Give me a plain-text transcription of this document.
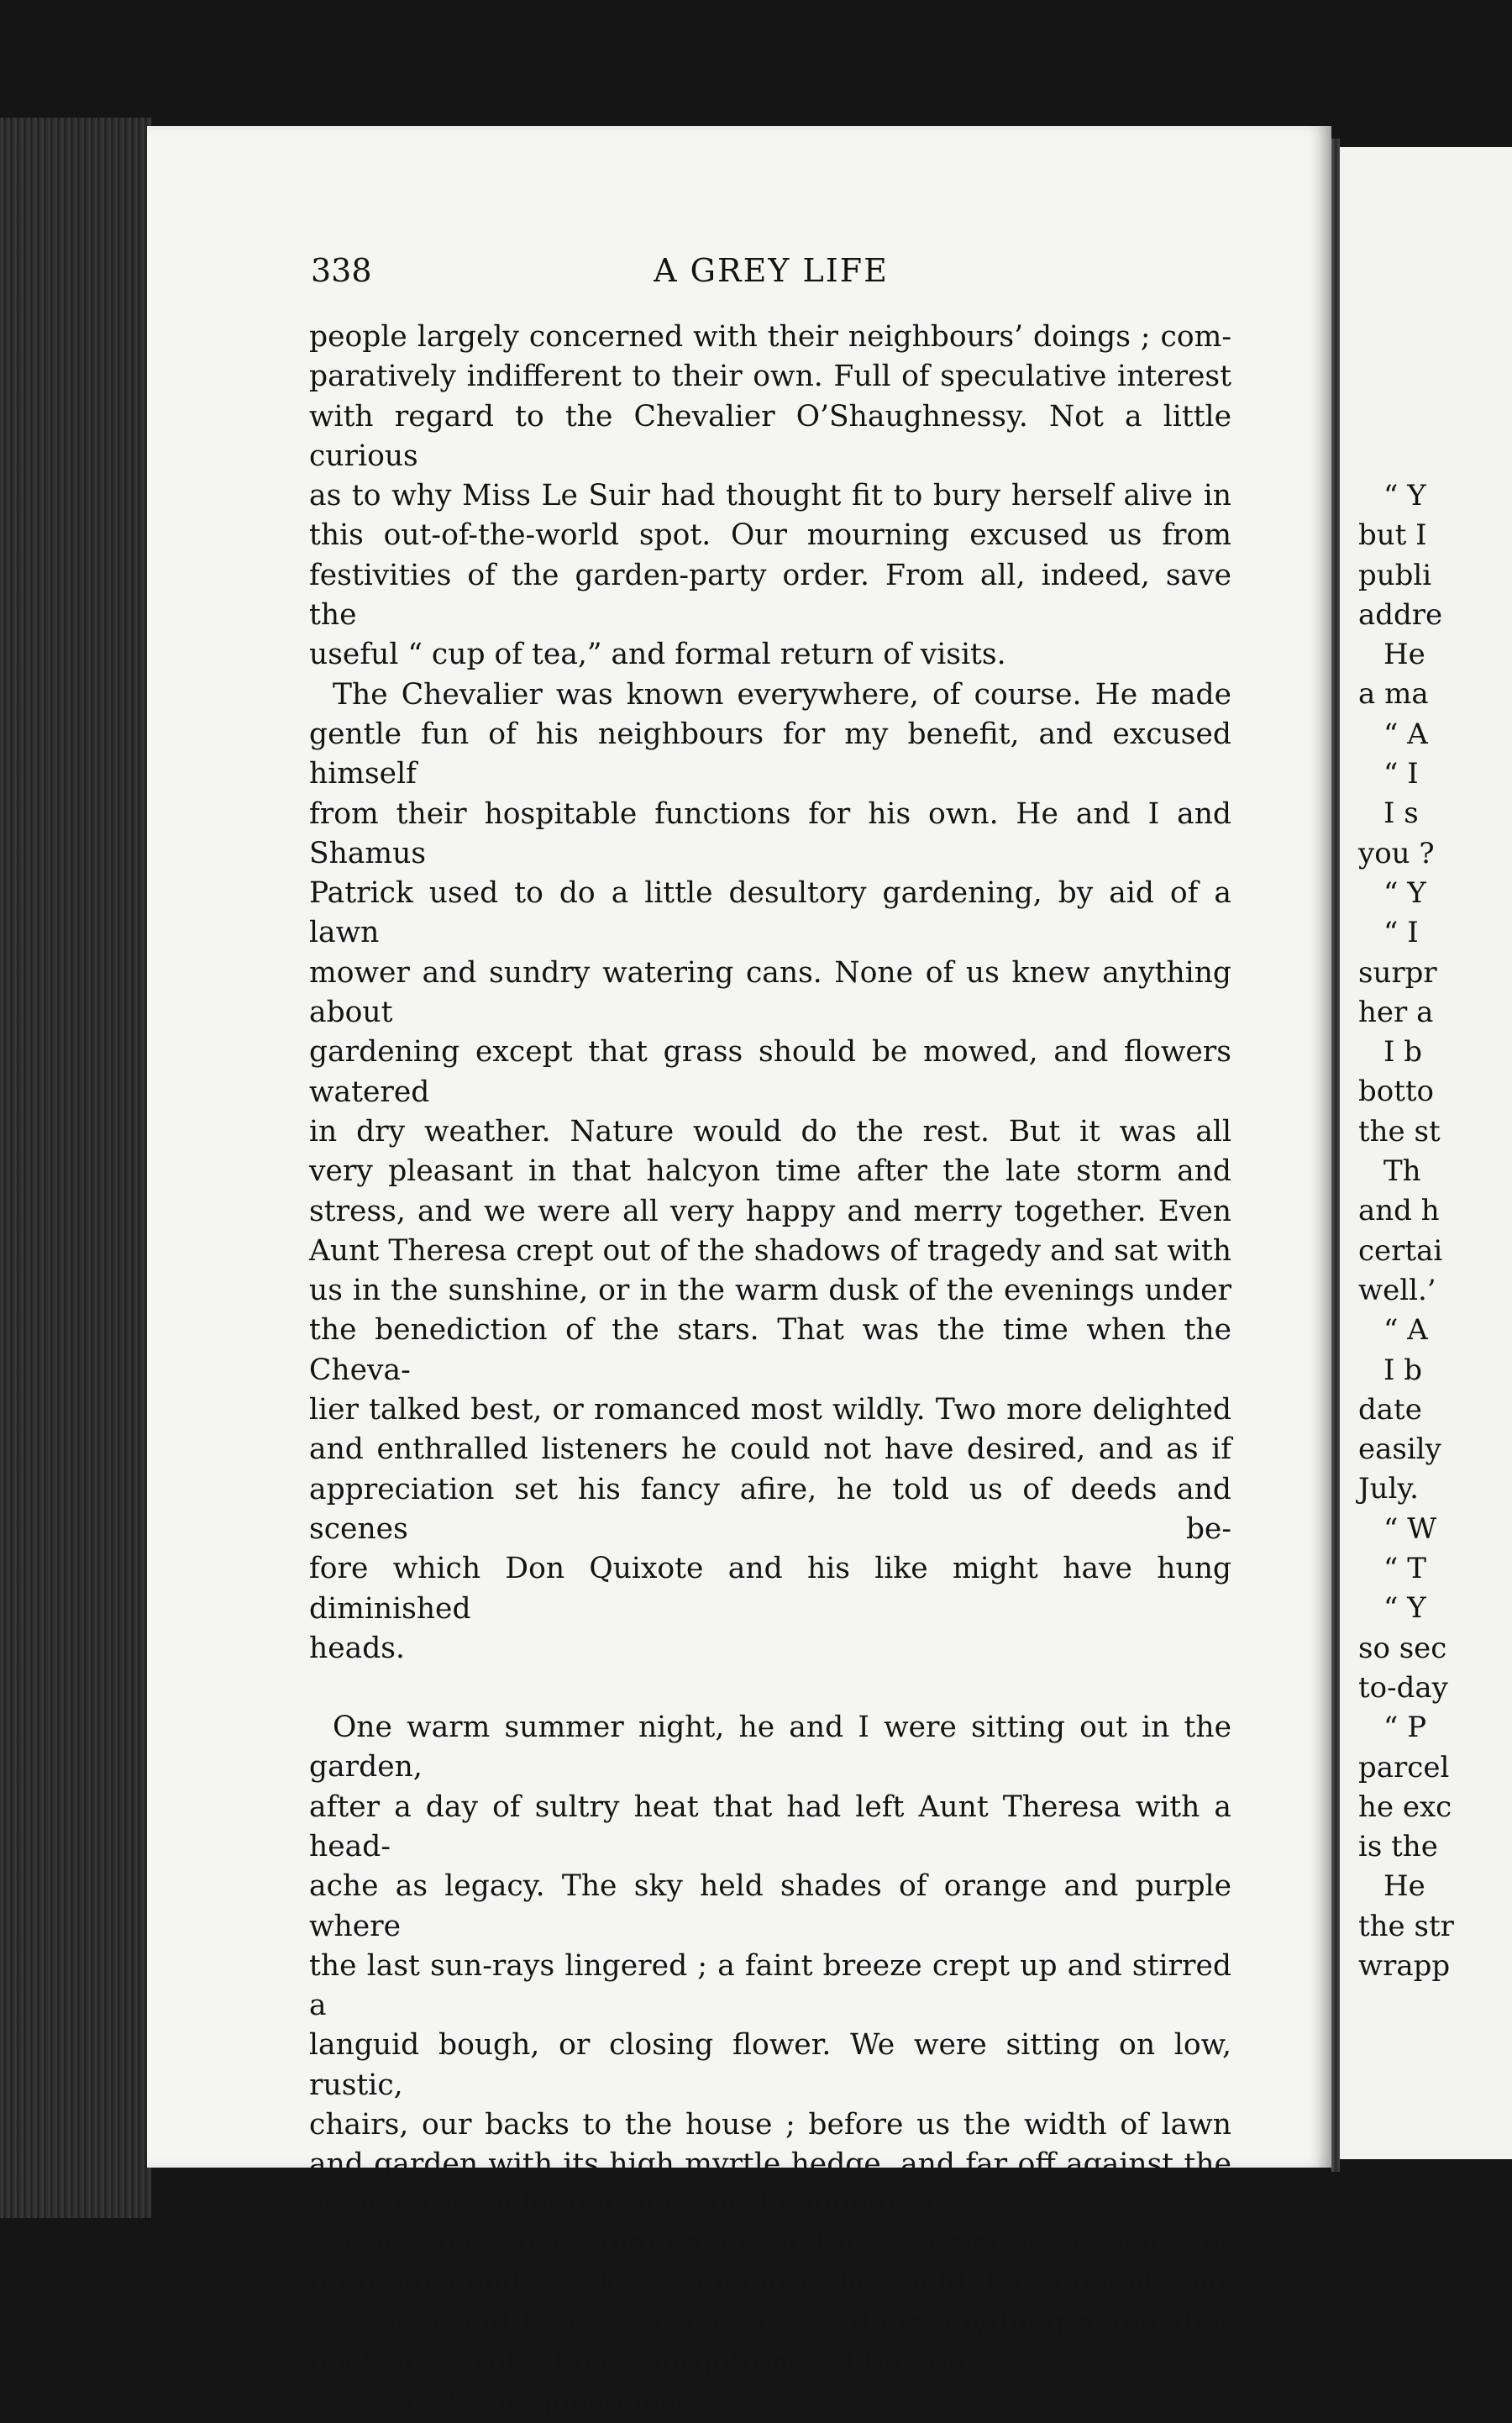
“ Y
but I
publi
addre
He
a ma
“ A
“ I
I s
you ?
“ Y
“ I
surpr
her a
I b
botto
the st
Th
and h
certai
well.’
“ A
I b
date
easily
July.
“ W
“ T
“ Y
so sec
to-day
“ P
parcel
he exc
is the
He
the str
wrapp
338	A GREY LIFE

people largely concerned with their neighbours’ doings ; com-

paratively indifferent to their own. Full of speculative interest

with regard to the Chevalier O’Shaughnessy. Not a little curious

as to why Miss Le Suir had thought fit to bury herself alive in

this out-of-the-world spot. Our mourning excused us from

festivities of the garden-party order. From all, indeed, save the

useful “ cup of tea,” and formal return of visits.

The Chevalier was known everywhere, of course. He made

gentle fun of his neighbours for my benefit, and excused himself

from their hospitable functions for his own. He and I and Shamus

Patrick used to do a little desultory gardening, by aid of a lawn

mower and sundry watering cans. None of us knew anything about

gardening except that grass should be mowed, and flowers watered

in dry weather. Nature would do the rest. But it was all

very pleasant in that halcyon time after the late storm and

stress, and we were all very happy and merry together. Even

Aunt Theresa crept out of the shadows of tragedy and sat with

us in the sunshine, or in the warm dusk of the evenings under

the benediction of the stars. That was the time when the Cheva-

lier talked best, or romanced most wildly. Two more delighted

and enthralled listeners he could not have desired, and as if

appreciation set his fancy afire, he told us of deeds and scenes be-

fore which Don Quixote and his like might have hung diminished

heads.

One warm summer night, he and I were sitting out in the garden,

after a day of sultry heat that had left Aunt Theresa with a head-

ache as legacy. The sky held shades of orange and purple where

the last sun-rays lingered ; a faint breeze crept up and stirred a

languid bough, or closing flower. We were sitting on low, rustic,

chairs, our backs to the house ; before us the width of lawn

and garden with its high myrtle hedge, and far off against the

skyline the violet darkness of the mountains.

It may have been that colour and its associations which sent

both our minds back to a memory they held, for suddenly our

eyes met and I said, “ I have never done anything about that

book she wrote. I have forgotten—all this time.”

“ Book ? ” he questioned.
